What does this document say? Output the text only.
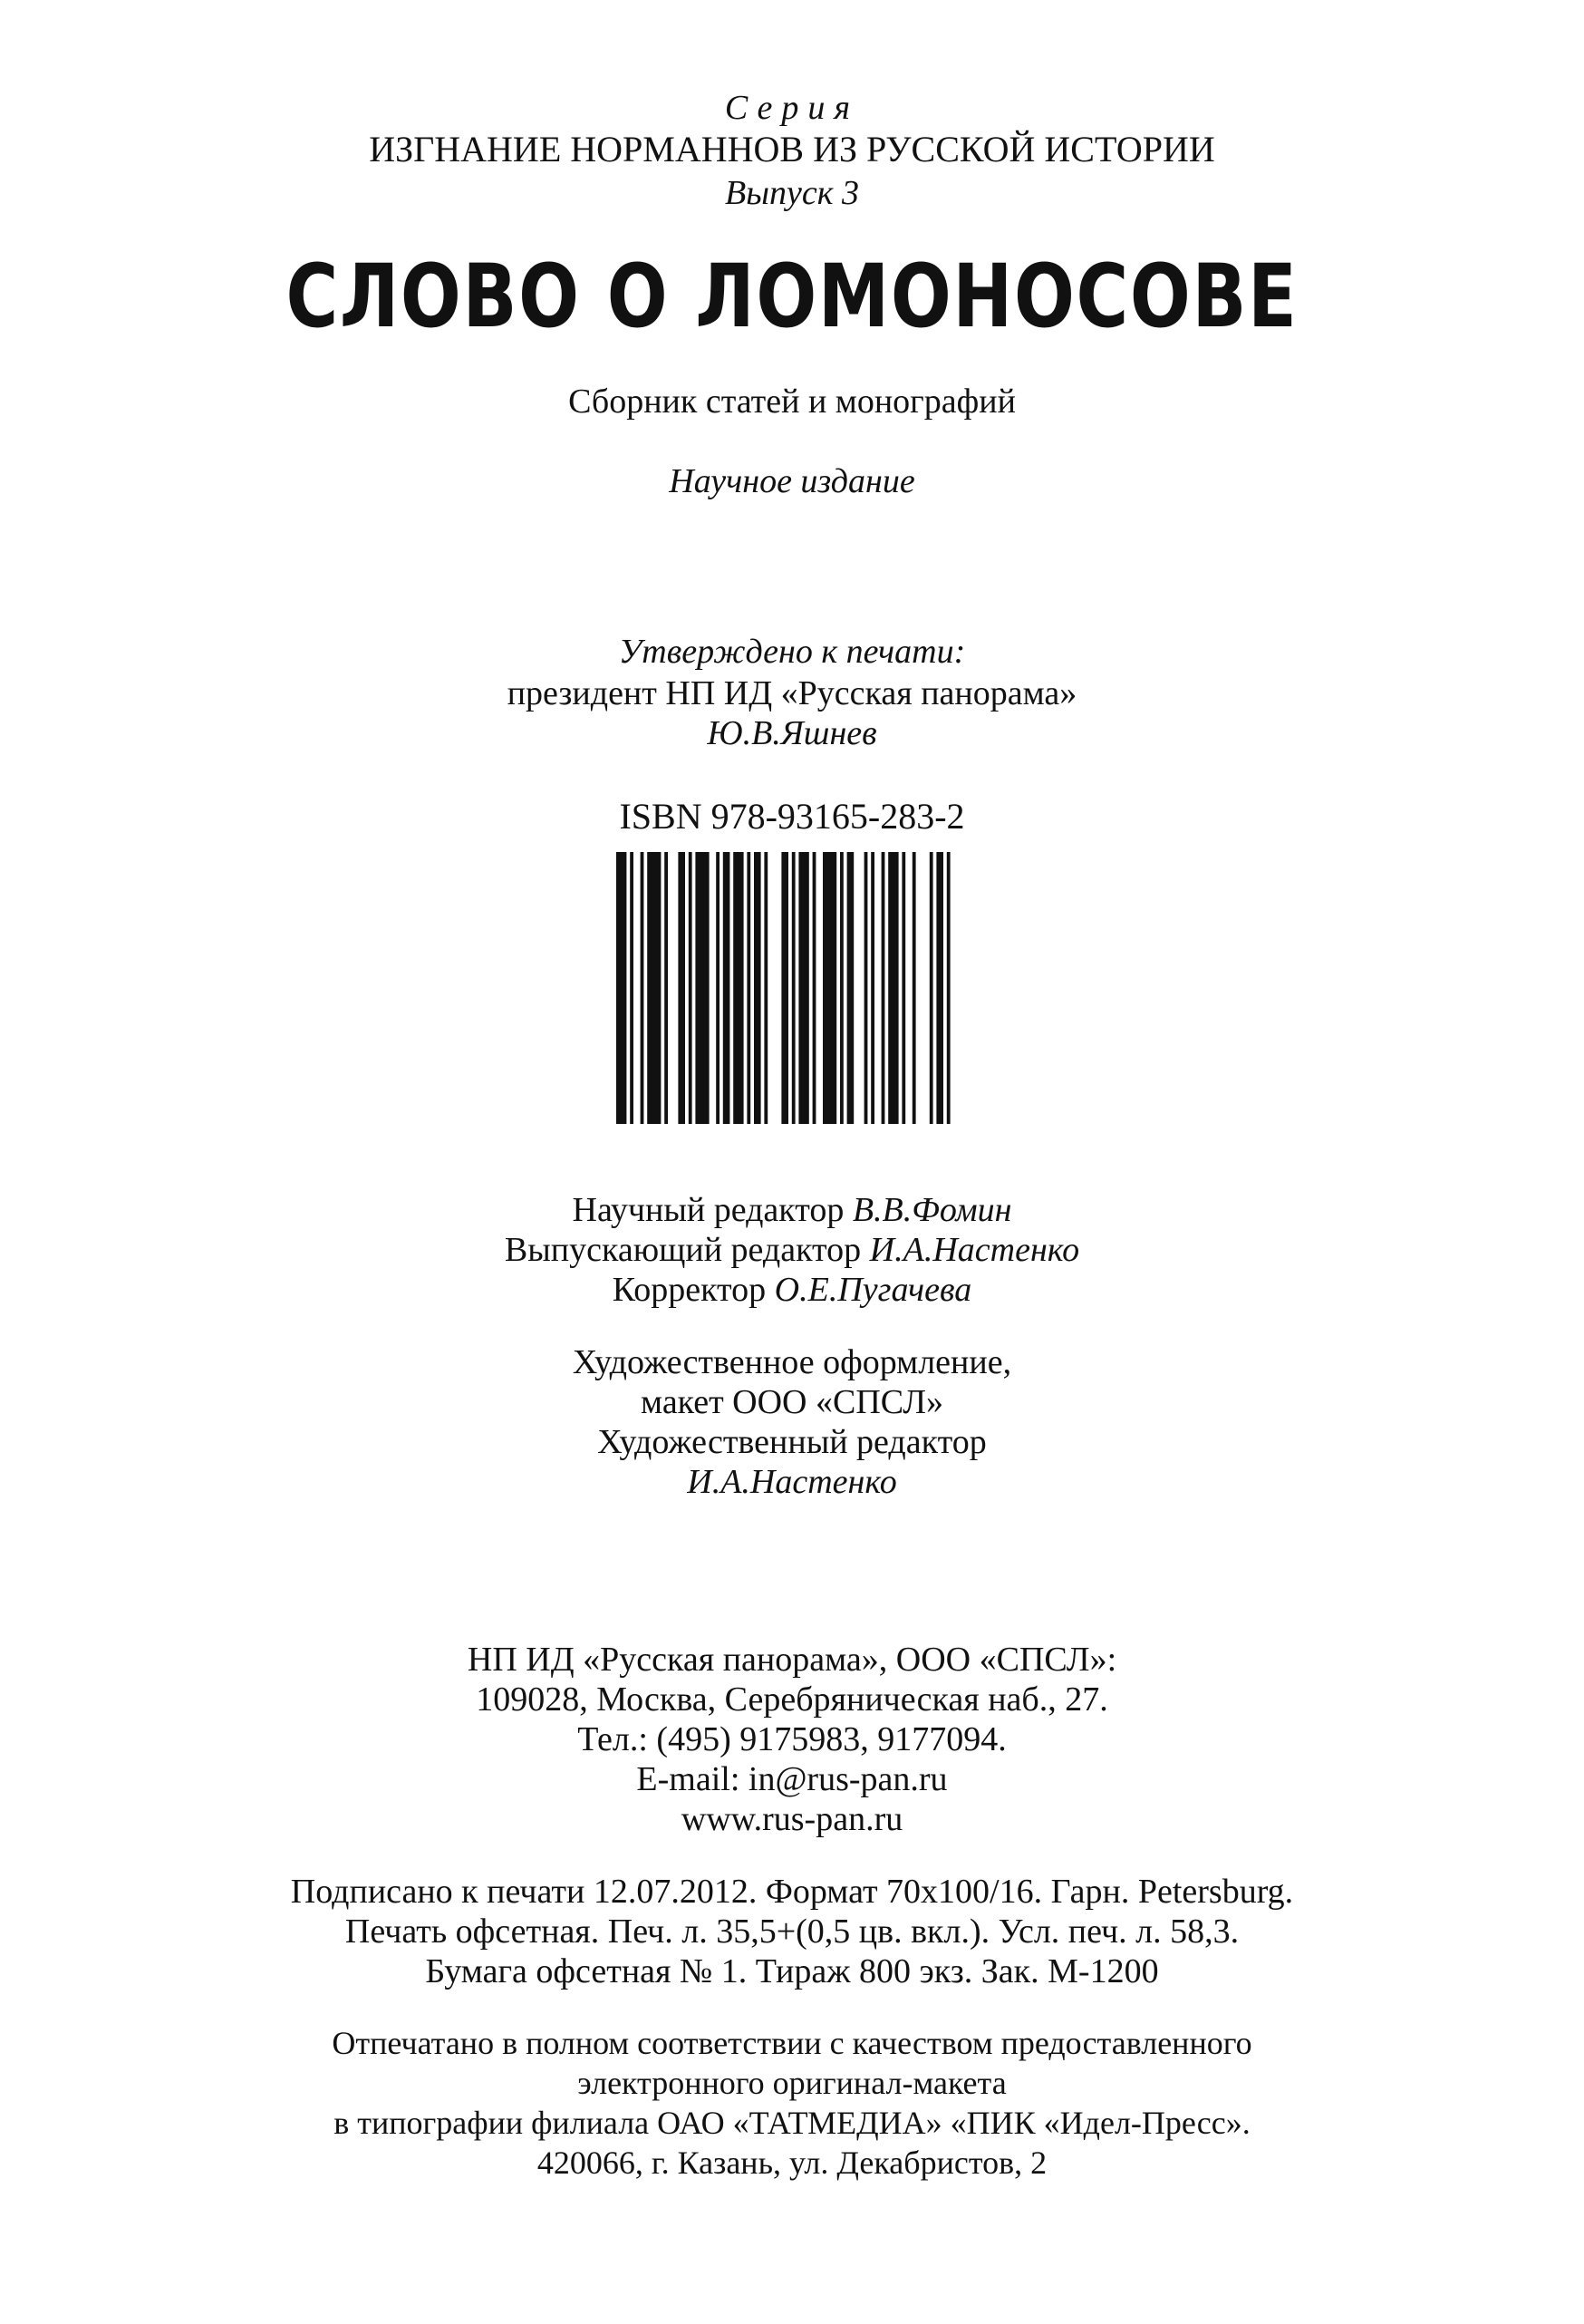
Серия
ИЗГНАНИЕ НОРМАННОВ ИЗ РУССКОЙ ИСТОРИИ
Выпуск 3
СЛОВО О ЛОМОНОСОВЕ
Сборник статей и монографий
Научное издание
Утверждено к печати:
президент НП ИД «Русская панорама»
Ю.В.Яшнев
ISBN 978-93165-283-2
Научный редактор В.В.Фомин
Выпускающий редактор И.А.Настенко
Корректор О.Е.Пугачева
Художественное оформление,
макет ООО «СПСЛ»
Художественный редактор
И.А.Настенко
НП ИД «Русская панорама», ООО «СПСЛ»:
109028, Москва, Серебряническая наб., 27.
Тел.: (495) 9175983, 9177094.
E-mail: in@rus-pan.ru
www.rus-pan.ru
Подписано к печати 12.07.2012. Формат 70x100/16. Гарн. Petersburg.
Печать офсетная. Печ. л. 35,5+(0,5 цв. вкл.). Усл. печ. л. 58,3.
Бумага офсетная № 1. Тираж 800 экз. Зак. М-1200
Отпечатано в полном соответствии с качеством предоставленного
электронного оригинал-макета
в типографии филиала ОАО «ТАТМЕДИА» «ПИК «Идел-Пресс».
420066, г. Казань, ул. Декабристов, 2
